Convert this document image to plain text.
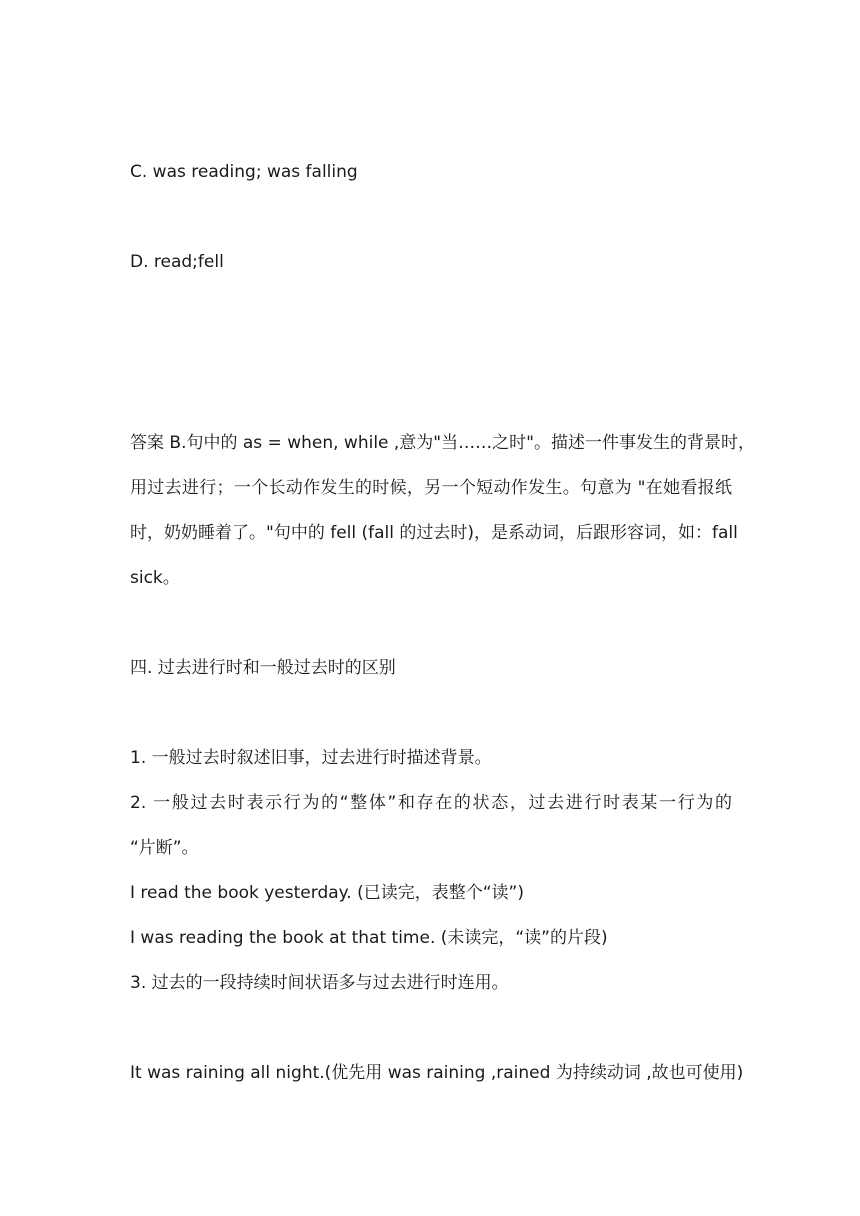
C. was reading; was falling
D. read;fell
答案 B.句中的 as = when, while ,意为"当……之时"。描述一件事发生的背景时，
用过去进行；一个长动作发生的时候，另一个短动作发生。句意为 "在她看报纸
时，奶奶睡着了。"句中的 fell (fall 的过去时)，是系动词，后跟形容词，如：fall
sick。
四. 过去进行时和一般过去时的区别
1. 一般过去时叙述旧事，过去进行时描述背景。
2. 一般过去时表示行为的“整体”和存在的状态，过去进行时表某一行为的
“片断”。
I read the book yesterday. (已读完，表整个“读”)
I was reading the book at that time. (未读完，“读”的片段)
3. 过去的一段持续时间状语多与过去进行时连用。
It was raining all night.(优先用 was raining ,rained 为持续动词 ,故也可使用)
